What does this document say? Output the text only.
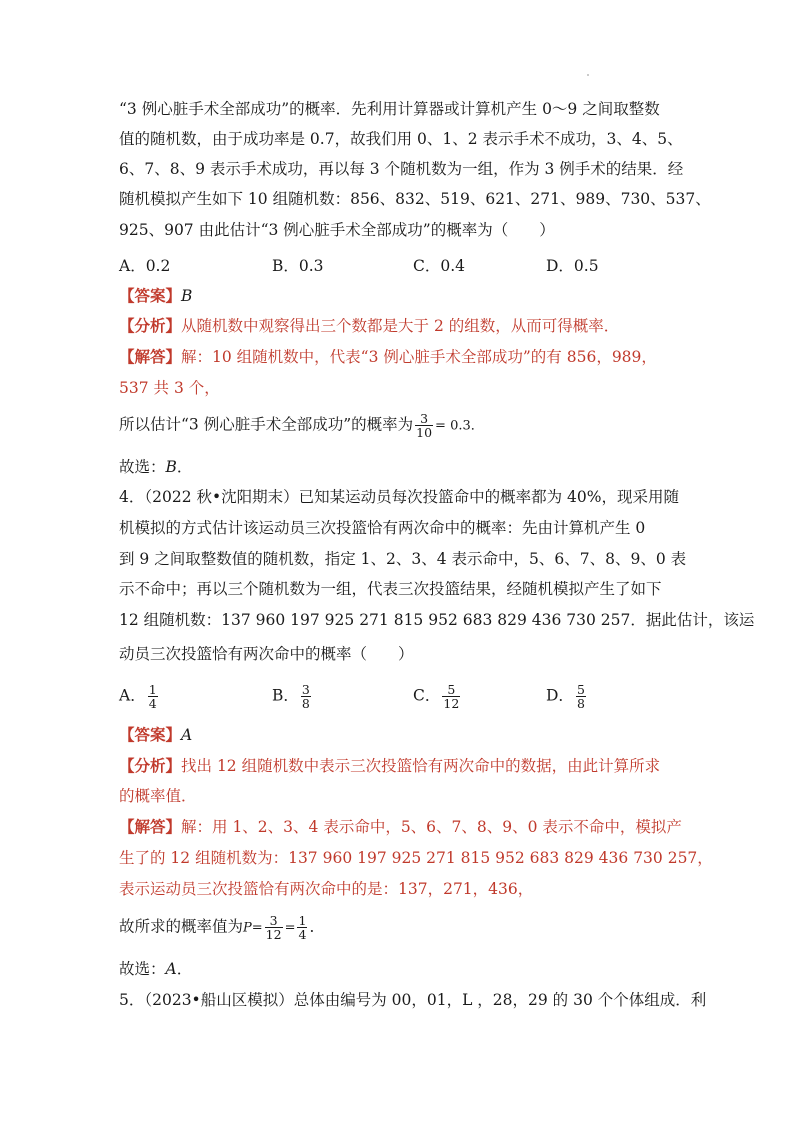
“3 例心脏手术全部成功”的概率．先利用计算器或计算机产生 0～9 之间取整数
值的随机数，由于成功率是 0.7，故我们用 0、1、2 表示手术不成功，3、4、5、
6、7、8、9 表示手术成功，再以每 3 个随机数为一组，作为 3 例手术的结果．经
随机模拟产生如下 10 组随机数：856、832、519、621、271、989、730、537、
925、907 由此估计“3 例心脏手术全部成功”的概率为（　　）
A．0.2	B．0.3	C．0.4	D．0.5
【答案】B
【分析】从随机数中观察得出三个数都是大于 2 的组数，从而可得概率．
【解答】解：10 组随机数中，代表“3 例心脏手术全部成功”的有 856，989，
537 共 3 个，
所以估计“3 例心脏手术全部成功”的概率为 $\frac{3}{10} = 0.3$．
故选：B．
4．（2022 秋•沈阳期末）已知某运动员每次投篮命中的概率都为 40%，现采用随
机模拟的方式估计该运动员三次投篮恰有两次命中的概率：先由计算机产生 0
到 9 之间取整数值的随机数，指定 1、2、3、4 表示命中，5、6、7、8、9、0 表
示不命中；再以三个随机数为一组，代表三次投篮结果，经随机模拟产生了如下
12 组随机数：137 960 197 925 271 815 952 683 829 436 730 257．据此估计，该运
动员三次投篮恰有两次命中的概率（　　）
A． $\frac{1}{4}$	B． $\frac{3}{8}$	C． $\frac{5}{12}$	D． $\frac{5}{8}$
【答案】A
【分析】找出 12 组随机数中表示三次投篮恰有两次命中的数据，由此计算所求
的概率值．
【解答】解：用 1、2、3、4 表示命中，5、6、7、8、9、0 表示不命中，模拟产
生了的 12 组随机数为：137 960 197 925 271 815 952 683 829 436 730 257，
表示运动员三次投篮恰有两次命中的是：137，271，436，
故所求的概率值为$P= \frac{3}{12} = \frac{1}{4}$ ．
故选：A．
5．（2023•船山区模拟）总体由编号为 00，01，L ，28，29 的 30 个个体组成．利
